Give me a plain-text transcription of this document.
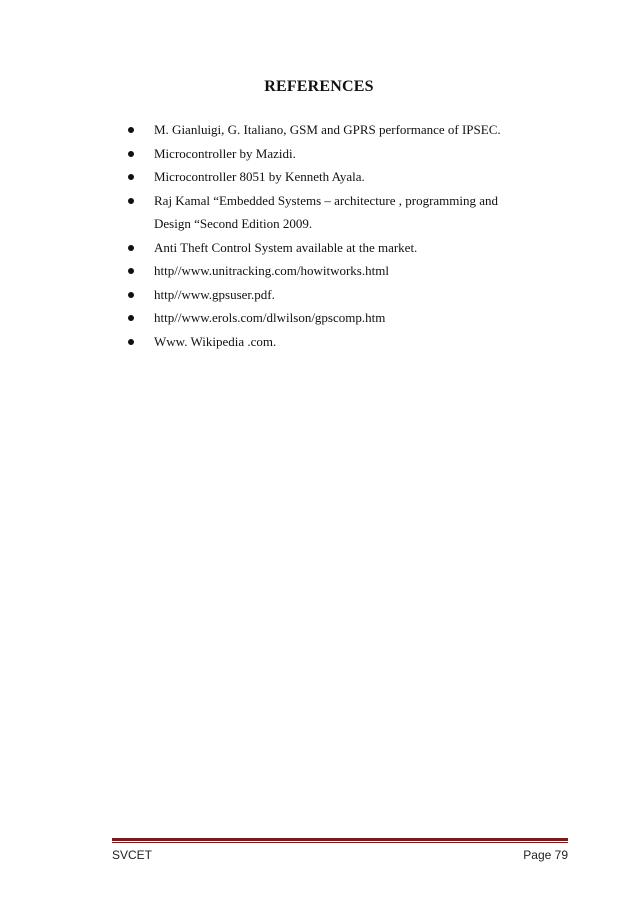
REFERENCES
M. Gianluigi, G. Italiano, GSM and GPRS performance of IPSEC.
Microcontroller by Mazidi.
Microcontroller 8051 by Kenneth Ayala.
Raj Kamal “Embedded Systems – architecture , programming and Design “Second Edition 2009.
Anti Theft Control System available at the market.
http//www.unitracking.com/howitworks.html
http//www.gpsuser.pdf.
http//www.erols.com/dlwilson/gpscomp.htm
Www. Wikipedia .com.
SVCET	Page 79
